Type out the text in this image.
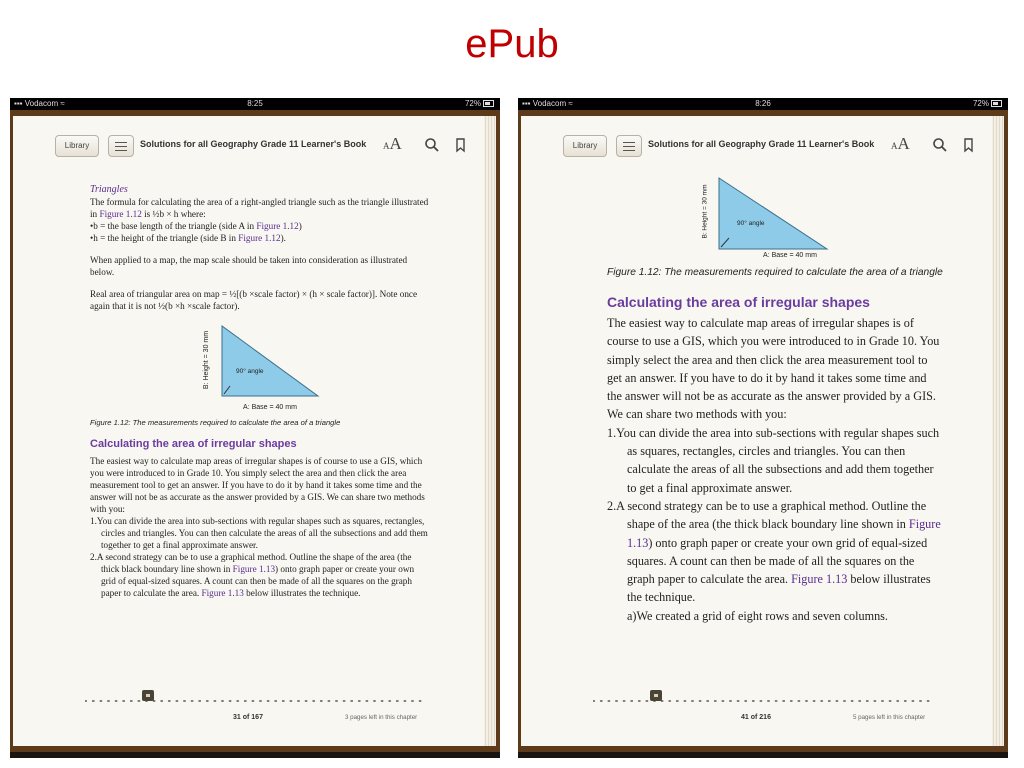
ePub
▪▪▪ Vodacom ≈	8:25	72%
Library	Solutions for all Geography Grade 11 Learner's Book AA

Triangles

The formula for calculating the area of a right-angled triangle such as the triangle illustrated in Figure 1.12 is ½b × h where:

•b = the base length of the triangle (side A in Figure 1.12)

•h = the height of the triangle (side B in Figure 1.12).

When applied to a map, the map scale should be taken into consideration as illustrated below.

Real area of triangular area on map = ½[(b ×scale factor) × (h × scale factor)]. Note once again that it is not ½(b ×h ×scale factor).

B: Height = 30 mm	90° angle
A: Base = 40 mm

Figure 1.12: The measurements required to calculate the area of a triangle

Calculating the area of irregular shapes

The easiest way to calculate map areas of irregular shapes is of course to use a GIS, which you were introduced to in Grade 10. You simply select the area and then click the area measurement tool to get an answer. If you have to do it by hand it takes some time and the answer will not be as accurate as the answer provided by a GIS. We can share two methods with you:

1.You can divide the area into sub-sections with regular shapes such as squares, rectangles, circles and triangles. You can then calculate the areas of all the subsections and add them together to get a final approximate answer.

2.A second strategy can be to use a graphical method. Outline the shape of the area (the thick black boundary line shown in Figure 1.13) onto graph paper or create your own grid of equal-sized squares. A count can then be made of all the squares on the graph paper to calculate the area. Figure 1.13 below illustrates the technique.

31 of 167	3 pages left in this chapter
▪▪▪ Vodacom ≈	8:26	72%
Library	Solutions for all Geography Grade 11 Learner's Book AA
B: Height = 30 mm	90° angle
A: Base = 40 mm

Figure 1.12: The measurements required to calculate the area of a triangle

Calculating the area of irregular shapes

The easiest way to calculate map areas of irregular shapes is of course to use a GIS, which you were introduced to in Grade 10. You simply select the area and then click the area measurement tool to get an answer. If you have to do it by hand it takes some time and the answer will not be as accurate as the answer provided by a GIS. We can share two methods with you:

1.You can divide the area into sub-sections with regular shapes such as squares, rectangles, circles and triangles. You can then calculate the areas of all the subsections and add them together to get a final approximate answer.

2.A second strategy can be to use a graphical method. Outline the shape of the area (the thick black boundary line shown in Figure 1.13) onto graph paper or create your own grid of equal-sized squares. A count can then be made of all the squares on the graph paper to calculate the area. Figure 1.13 below illustrates the technique.

a)We created a grid of eight rows and seven columns.

41 of 216	5 pages left in this chapter
